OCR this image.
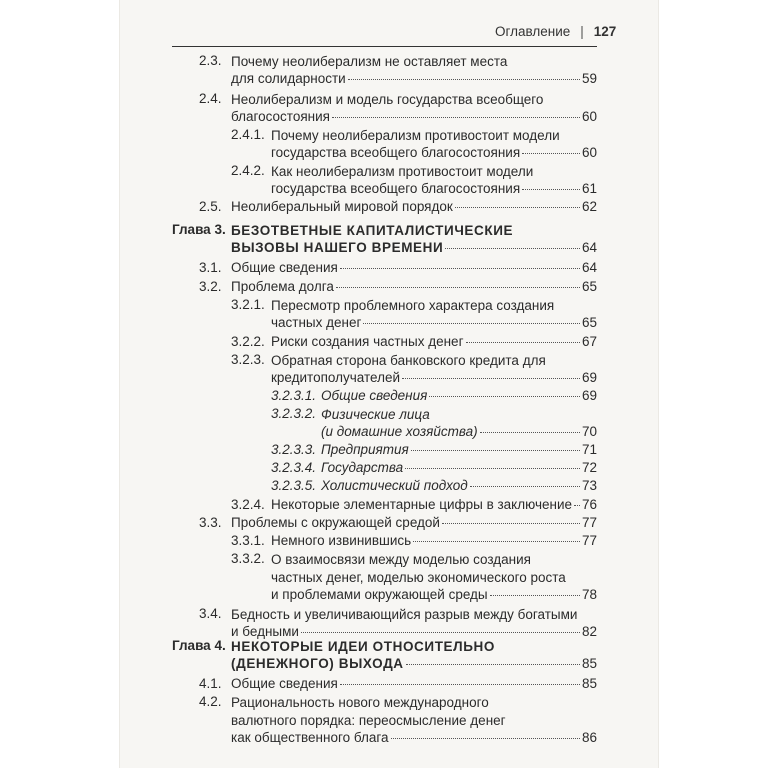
Оглавление | 127
2.3. Почему неолиберализм не оставляет места
для солидарности	59
2.4. Неолиберализм и модель государства всеобщего
благосостояния	60
2.4.1. Почему неолиберализм противостоит модели
государства всеобщего благосостояния	60
2.4.2. Как неолиберализм противостоит модели
государства всеобщего благосостояния	61
2.5. Неолиберальный мировой порядок	62
Глава 3. БЕЗОТВЕТНЫЕ КАПИТАЛИСТИЧЕСКИЕ
ВЫЗОВЫ НАШЕГО ВРЕМЕНИ	64
3.1. Общие сведения	64
3.2. Проблема долга	65
3.2.1. Пересмотр проблемного характера создания
частных денег	65
3.2.2. Риски создания частных денег	67
3.2.3. Обратная сторона банковского кредита для
кредитополучателей	69
3.2.3.1. Общие сведения	69
3.2.3.2. Физические лица
(и домашние хозяйства)	70
3.2.3.3. Предприятия	71
3.2.3.4. Государства	72
3.2.3.5. Холистический подход	73
3.2.4. Некоторые элементарные цифры в заключение 76
3.3. Проблемы с окружающей средой	77
3.3.1. Немного извинившись	77
3.3.2. О взаимосвязи между моделью создания
частных денег, моделью экономического роста
и проблемами окружающей среды	78
3.4. Бедность и увеличивающийся разрыв между богатыми
и бедными	82
Глава 4. НЕКОТОРЫЕ ИДЕИ ОТНОСИТЕЛЬНО
(ДЕНЕЖНОГО) ВЫХОДА	85
4.1. Общие сведения	85
4.2. Рациональность нового международного
валютного порядка: переосмысление денег
как общественного блага	86
